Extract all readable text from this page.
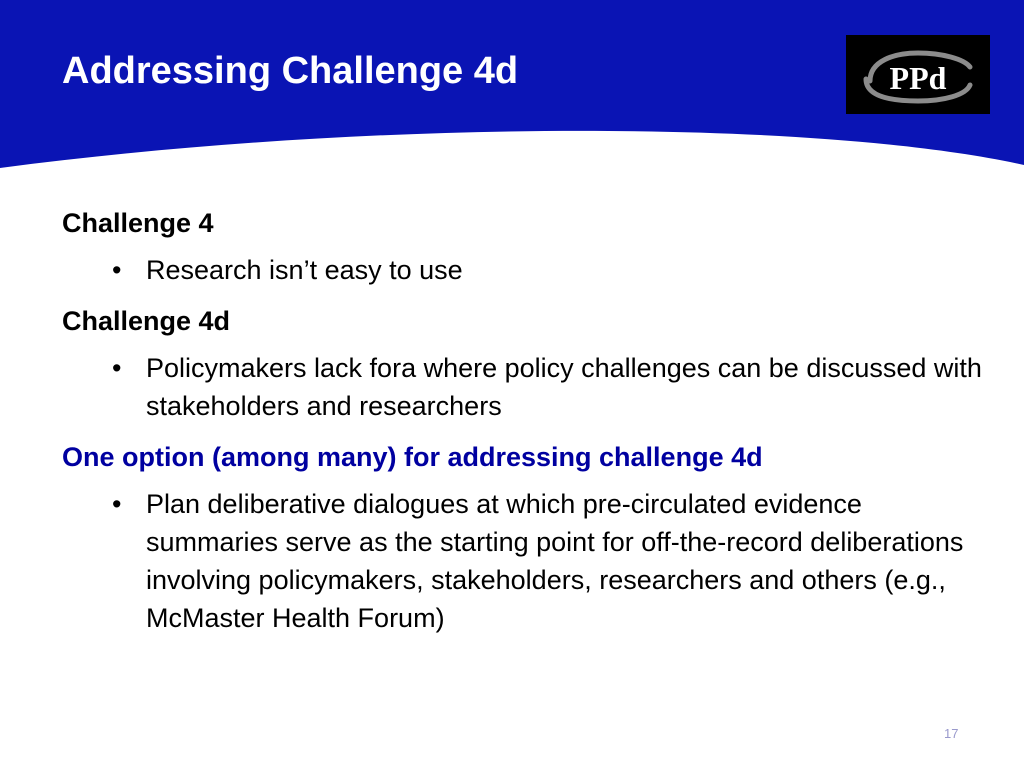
Addressing Challenge 4d	PPd

Challenge 4

• Research isn’t easy to use

Challenge 4d

• Policymakers lack fora where policy challenges can be discussed with stakeholders and researchers

One option (among many) for addressing challenge 4d

• Plan deliberative dialogues at which pre-circulated evidence summaries serve as the starting point for off-the-record deliberations involving policymakers, stakeholders, researchers and others (e.g., McMaster Health Forum)
17
